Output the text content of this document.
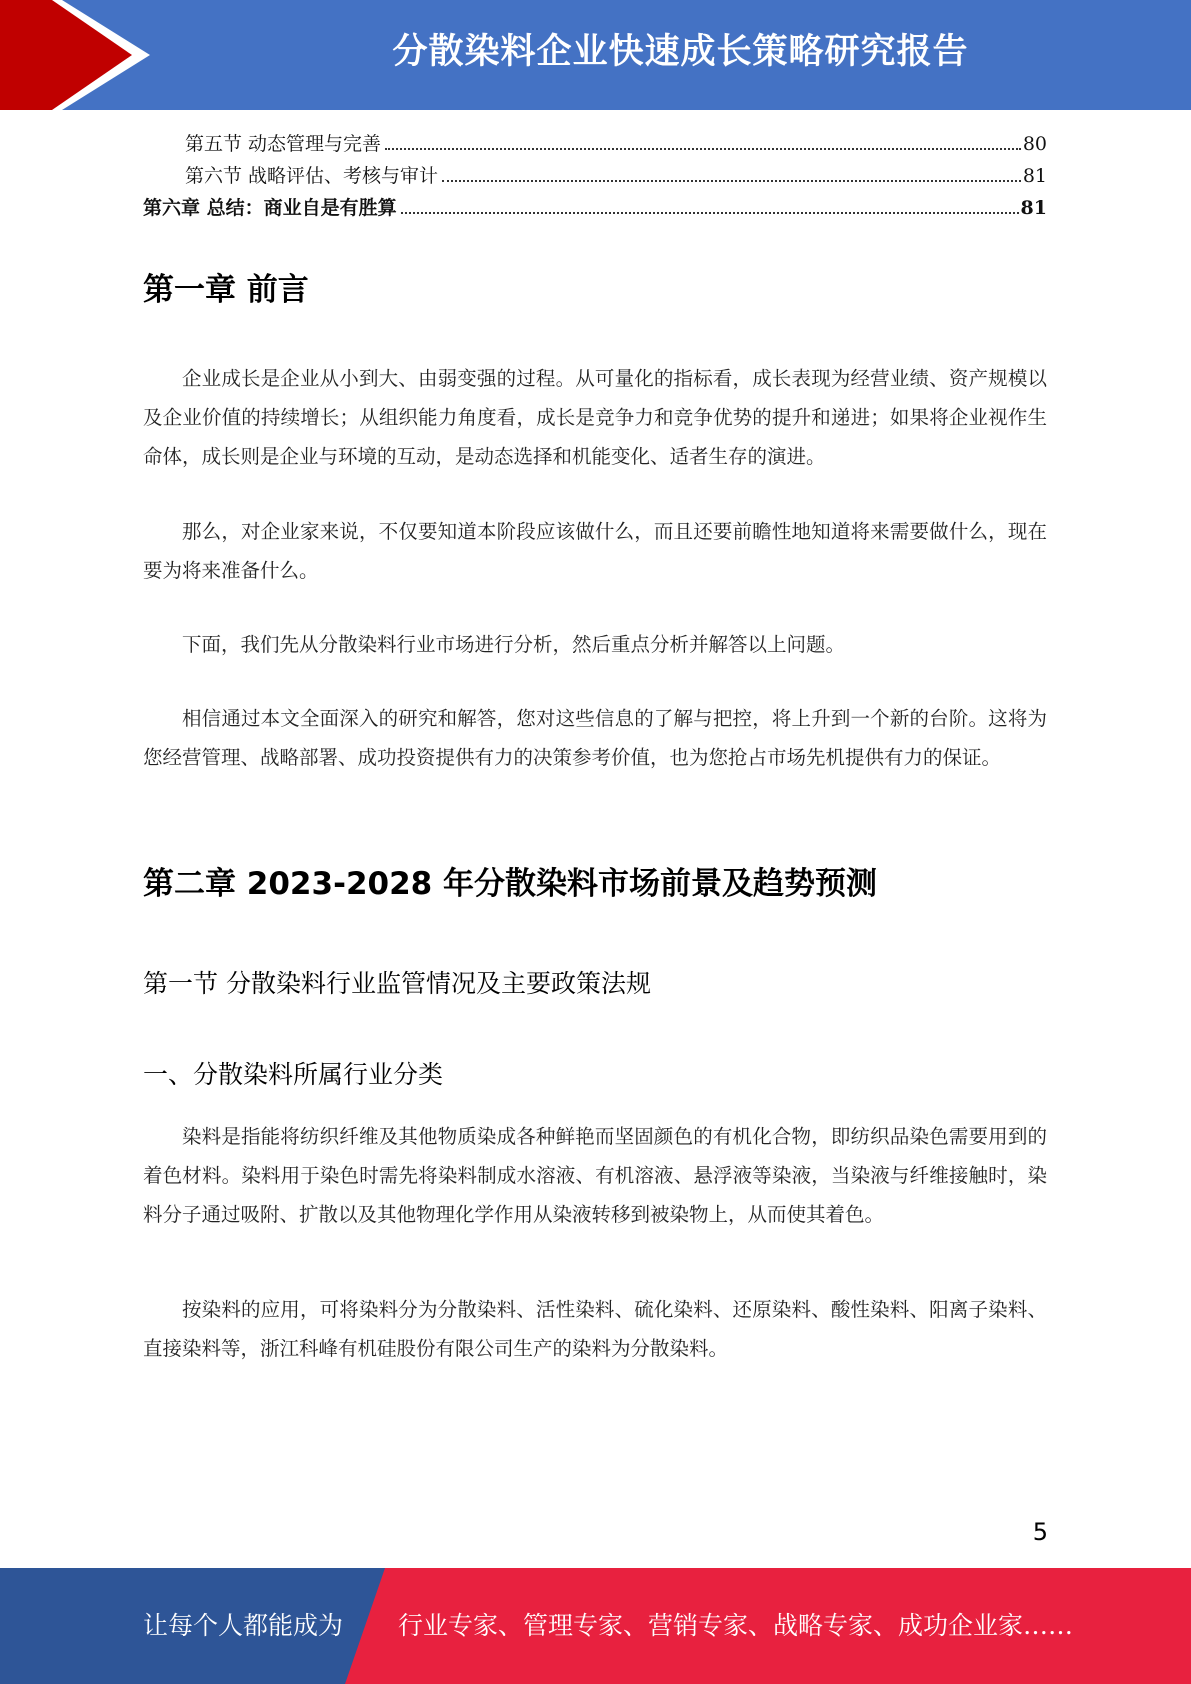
分散染料企业快速成长策略研究报告
第五节 动态管理与完善	80
第六节 战略评估、考核与审计	81
第六章 总结：商业自是有胜算	81
第一章 前言

企业成长是企业从小到大、由弱变强的过程。从可量化的指标看，成长表现为经营业绩、资产规模以及企业价值的持续增长；从组织能力角度看，成长是竞争力和竞争优势的提升和递进；如果将企业视作生命体，成长则是企业与环境的互动，是动态选择和机能变化、适者生存的演进。

那么，对企业家来说，不仅要知道本阶段应该做什么，而且还要前瞻性地知道将来需要做什么，现在要为将来准备什么。

下面，我们先从分散染料行业市场进行分析，然后重点分析并解答以上问题。

相信通过本文全面深入的研究和解答，您对这些信息的了解与把控，将上升到一个新的台阶。这将为您经营管理、战略部署、成功投资提供有力的决策参考价值，也为您抢占市场先机提供有力的保证。

第二章 2023-2028 年分散染料市场前景及趋势预测
第一节 分散染料行业监管情况及主要政策法规
一、分散染料所属行业分类

染料是指能将纺织纤维及其他物质染成各种鲜艳而坚固颜色的有机化合物，即纺织品染色需要用到的着色材料。染料用于染色时需先将染料制成水溶液、有机溶液、悬浮液等染液，当染液与纤维接触时，染料分子通过吸附、扩散以及其他物理化学作用从染液转移到被染物上，从而使其着色。

按染料的应用，可将染料分为分散染料、活性染料、硫化染料、还原染料、酸性染料、阳离子染料、直接染料等，浙江科峰有机硅股份有限公司生产的染料为分散染料。

5
让每个人都能成为 行业专家、管理专家、营销专家、战略专家、成功企业家……
